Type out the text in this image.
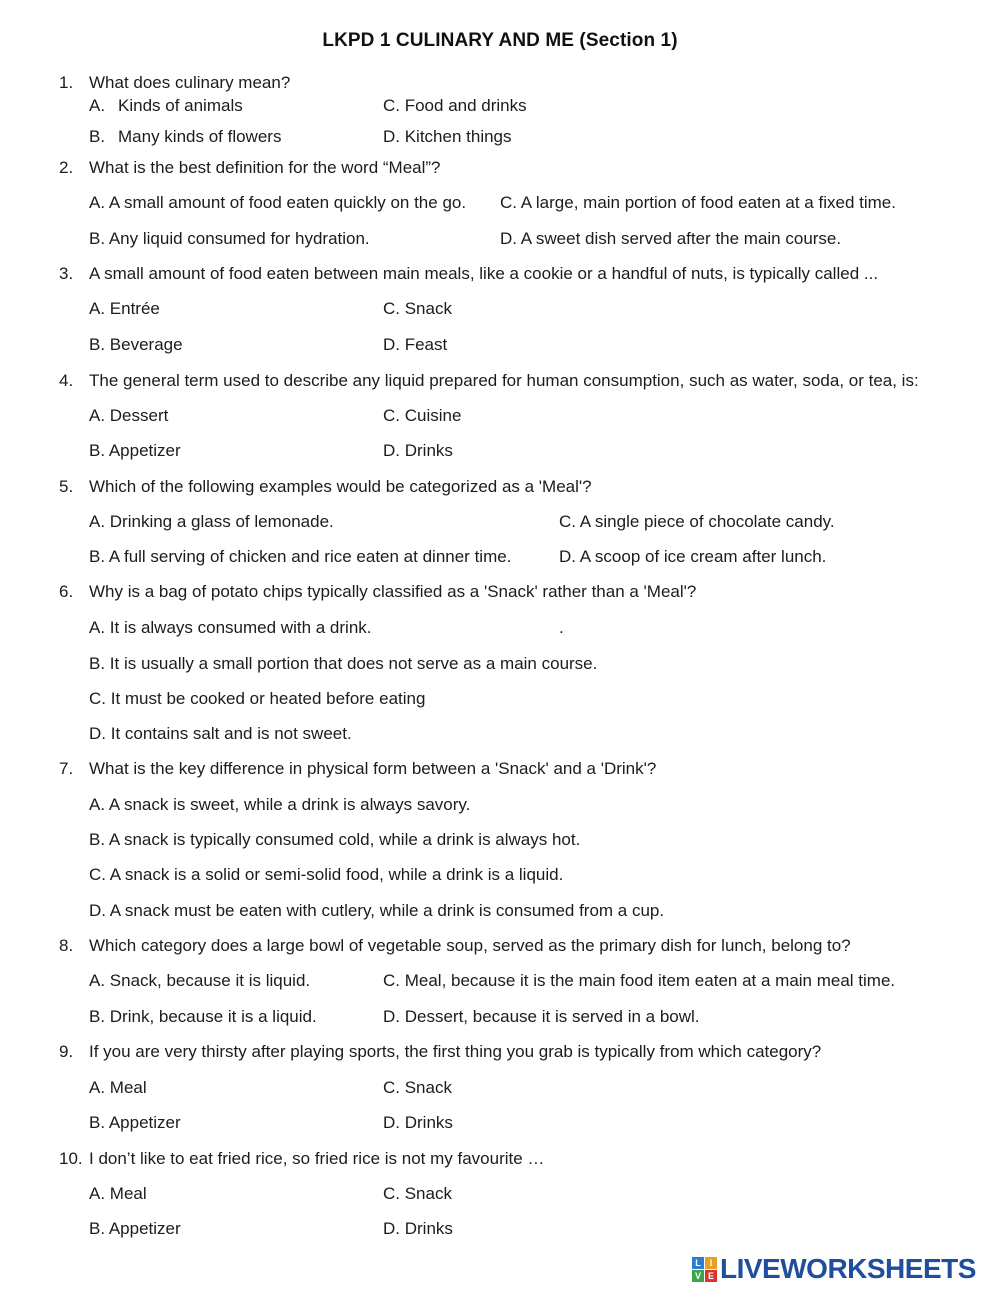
LKPD 1 CULINARY AND ME (Section 1)
1. What does culinary mean?
A. Kinds of animals	C. Food and drinks
B. Many kinds of flowers	D. Kitchen things
2. What is the best definition for the word “Meal”?
A. A small amount of food eaten quickly on the go. C. A large, main portion of food eaten at a fixed time.
B. Any liquid consumed for hydration.	D. A sweet dish served after the main course.
3. A small amount of food eaten between main meals, like a cookie or a handful of nuts, is typically called ...
A. Entrée	C. Snack
B. Beverage	D. Feast
4. The general term used to describe any liquid prepared for human consumption, such as water, soda, or tea, is:
A. Dessert	C. Cuisine
B. Appetizer	D. Drinks
5. Which of the following examples would be categorized as a 'Meal'?
A. Drinking a glass of lemonade.	C. A single piece of chocolate candy.
B. A full serving of chicken and rice eaten at dinner time.	D. A scoop of ice cream after lunch.
6. Why is a bag of potato chips typically classified as a 'Snack' rather than a 'Meal'?
A. It is always consumed with a drink.	.
B. It is usually a small portion that does not serve as a main course.
C. It must be cooked or heated before eating
D. It contains salt and is not sweet.
7. What is the key difference in physical form between a 'Snack' and a 'Drink'?
A. A snack is sweet, while a drink is always savory.
B. A snack is typically consumed cold, while a drink is always hot.
C. A snack is a solid or semi-solid food, while a drink is a liquid.
D. A snack must be eaten with cutlery, while a drink is consumed from a cup.
8. Which category does a large bowl of vegetable soup, served as the primary dish for lunch, belong to?
A. Snack, because it is liquid.	C. Meal, because it is the main food item eaten at a main meal time.
B. Drink, because it is a liquid.	D. Dessert, because it is served in a bowl.
9. If you are very thirsty after playing sports, the first thing you grab is typically from which category?
A. Meal	C. Snack
B. Appetizer	D. Drinks
10. I don’t like to eat fried rice, so fried rice is not my favourite …
A. Meal	C. Snack
B. Appetizer	D. Drinks
L I
V E LIVEWORKSHEETS
